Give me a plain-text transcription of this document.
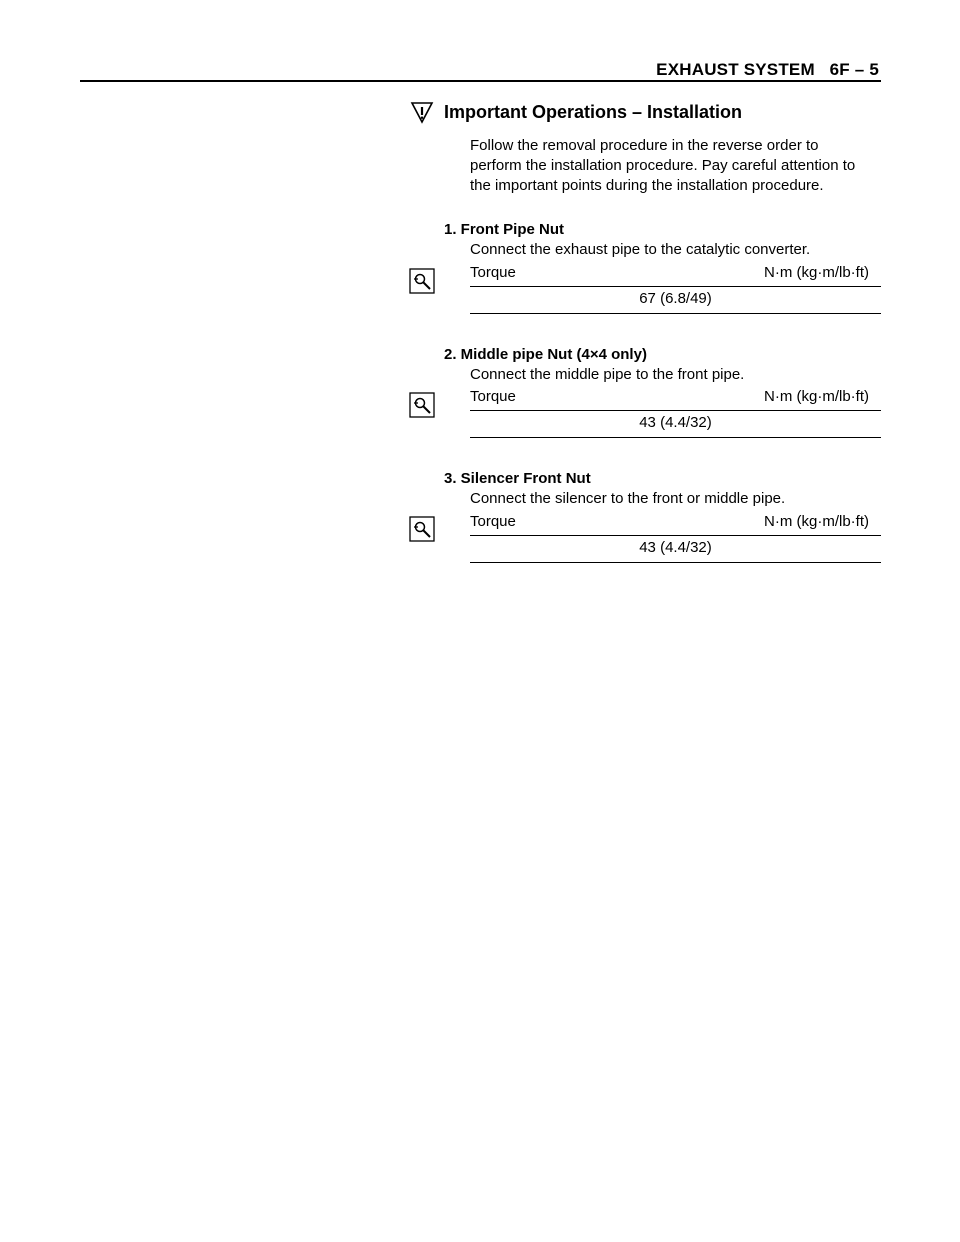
EXHAUST SYSTEM   6F – 5
Important Operations – Installation
Follow the removal procedure in the reverse order to
perform the installation procedure. Pay careful attention to
the important points during the installation procedure.
1. Front Pipe Nut
Connect the exhaust pipe to the catalytic converter.
Torque	N·m (kg·m/lb·ft)
67 (6.8/49)
2. Middle pipe Nut (4×4 only)
Connect the middle pipe to the front pipe.
Torque	N·m (kg·m/lb·ft)
43 (4.4/32)
3. Silencer Front Nut
Connect the silencer to the front or middle pipe.
Torque	N·m (kg·m/lb·ft)
43 (4.4/32)
